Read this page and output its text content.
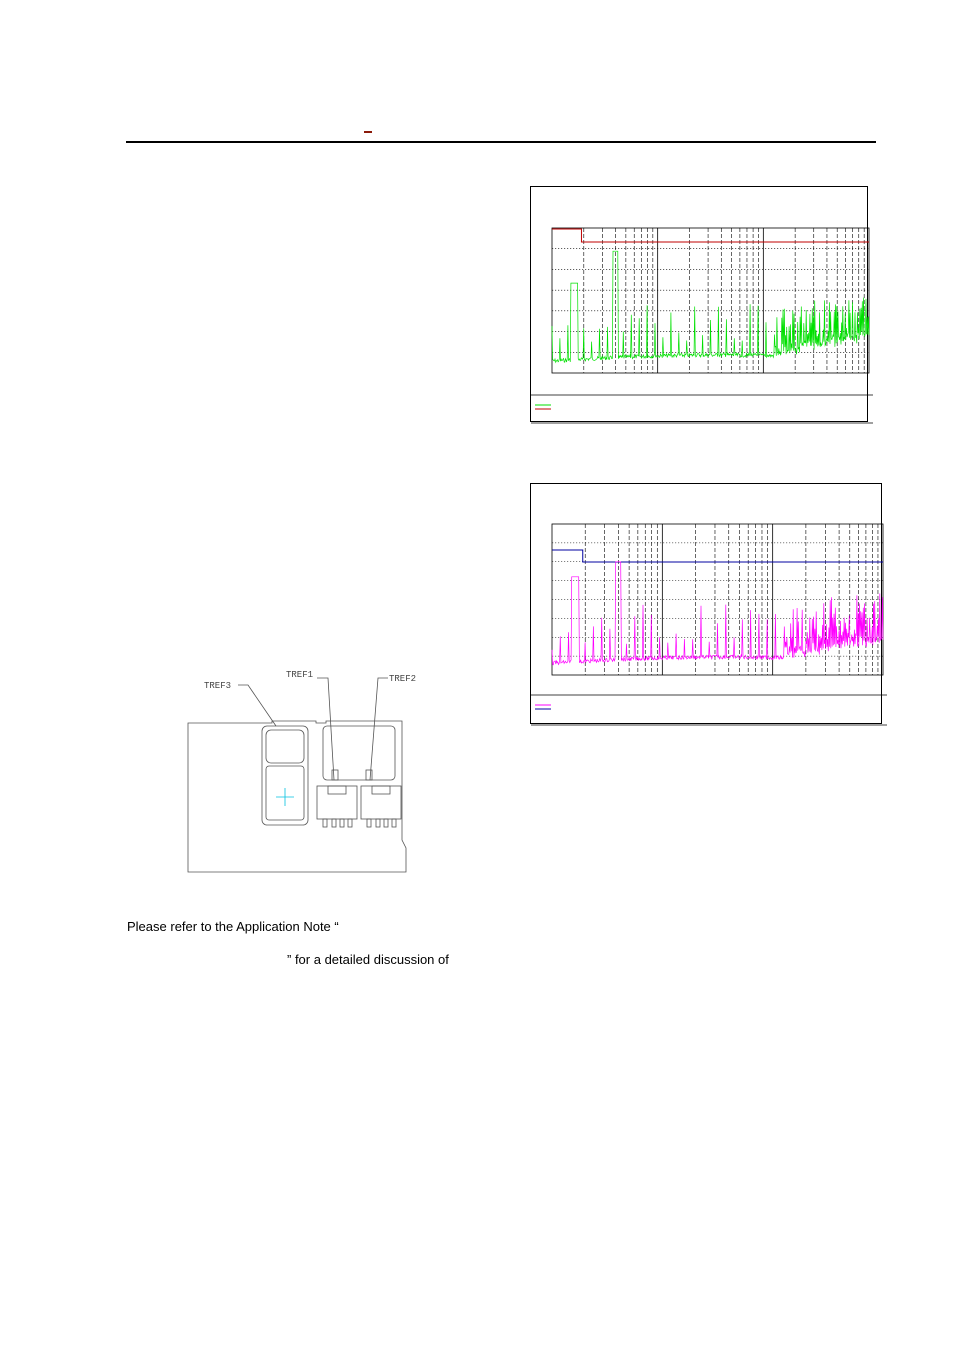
TREF3
TREF1	TREF2
Please refer to the Application Note “
” for a detailed discussion of
